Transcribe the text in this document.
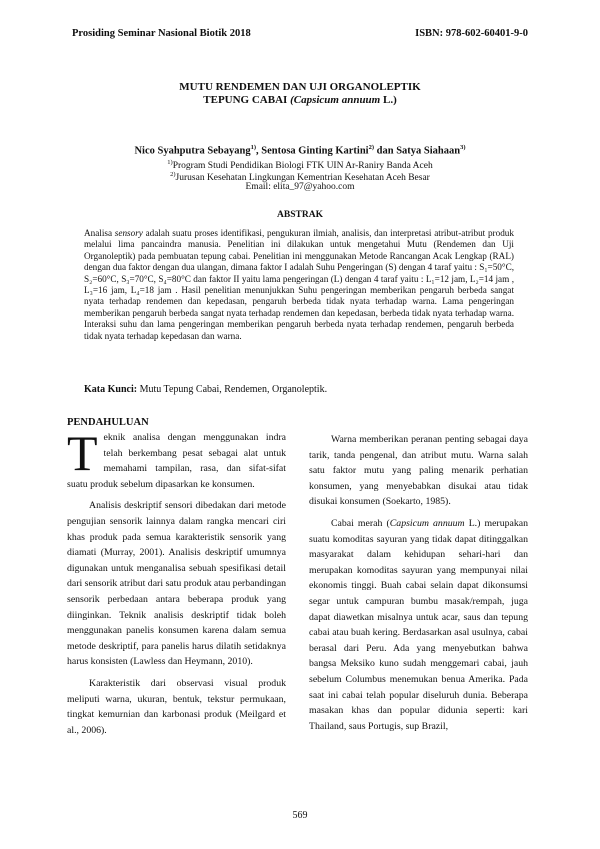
Prosiding Seminar Nasional Biotik 2018	ISBN: 978-602-60401-9-0
MUTU RENDEMEN DAN UJI ORGANOLEPTIK
TEPUNG CABAI (Capsicum annuum L.)
Nico Syahputra Sebayang$^{1)}$, Sentosa Ginting Kartini$^{2)}$ dan Satya Siahaan$^{3)}$
$^{1)}$Program Studi Pendidikan Biologi FTK UIN Ar-Raniry Banda Aceh
$^{2)}$Jurusan Kesehatan Lingkungan Kementrian Kesehatan Aceh Besar
Email: elita_97@yahoo.com
ABSTRAK
Analisa sensory adalah suatu proses identifikasi, pengukuran ilmiah, analisis, dan interpretasi atribut-atribut produk melalui lima pancaindra manusia. Penelitian ini dilakukan untuk mengetahui Mutu (Rendemen dan Uji Organoleptik) pada pembuatan tepung cabai. Penelitian ini menggunakan Metode Rancangan Acak Lengkap (RAL) dengan dua faktor dengan dua ulangan, dimana faktor I adalah Suhu Pengeringan (S) dengan 4 taraf yaitu : S₁=50°C, S₂=60°C, S₃=70°C, S₄=80°C dan faktor II yaitu lama pengeringan (L) dengan 4 taraf yaitu : L₁=12 jam, L₂=14 jam , L₃=16 jam, L₄=18 jam . Hasil penelitian menunjukkan Suhu pengeringan memberikan pengaruh berbeda sangat nyata terhadap rendemen dan kepedasan, pengaruh berbeda tidak nyata terhadap warna. Lama pengeringan memberikan pengaruh berbeda sangat nyata terhadap rendemen dan kepedasan, berbeda tidak nyata terhadap warna. Interaksi suhu dan lama pengeringan memberikan pengaruh berbeda nyata terhadap rendemen, pengaruh berbeda tidak nyata terhadap kepedasan dan warna.
Kata Kunci: Mutu Tepung Cabai, Rendemen, Organoleptik.
PENDAHULUAN

Teknik analisa dengan menggunakan indra telah berkembang pesat sebagai alat untuk memahami tampilan, rasa, dan sifat-sifat suatu produk sebelum dipasarkan ke konsumen.

Analisis deskriptif sensori dibedakan dari metode pengujian sensorik lainnya dalam rangka mencari ciri khas produk pada semua karakteristik sensorik yang diamati (Murray, 2001). Analisis deskriptif umumnya digunakan untuk menganalisa sebuah spesifikasi detail dari sensorik atribut dari satu produk atau perbandingan sensorik perbedaan antara beberapa produk yang diinginkan. Teknik analisis deskriptif tidak boleh menggunakan panelis konsumen karena dalam semua metode deskriptif, para panelis harus dilatih setidaknya harus konsisten (Lawless dan Heymann, 2010).

Karakteristik dari observasi visual produk meliputi warna, ukuran, bentuk, tekstur permukaan, tingkat kemurnian dan karbonasi produk (Meilgard et al., 2006).

Warna memberikan peranan penting sebagai daya tarik, tanda pengenal, dan atribut mutu. Warna salah satu faktor mutu yang paling menarik perhatian konsumen, yang menyebabkan disukai atau tidak disukai konsumen (Soekarto, 1985).

Cabai merah (Capsicum annuum L.) merupakan suatu komoditas sayuran yang tidak dapat ditinggalkan masyarakat dalam kehidupan sehari-hari dan merupakan komoditas sayuran yang mempunyai nilai ekonomis tinggi. Buah cabai selain dapat dikonsumsi segar untuk campuran bumbu masak/rempah, juga dapat diawetkan misalnya untuk acar, saus dan tepung cabai atau buah kering. Berdasarkan asal usulnya, cabai berasal dari Peru. Ada yang menyebutkan bahwa bangsa Meksiko kuno sudah menggemari cabai, jauh sebelum Columbus menemukan benua Amerika. Pada saat ini cabai telah popular diseluruh dunia. Beberapa masakan khas dan popular didunia seperti: kari Thailand, saus Portugis, sup Brazil,

569
